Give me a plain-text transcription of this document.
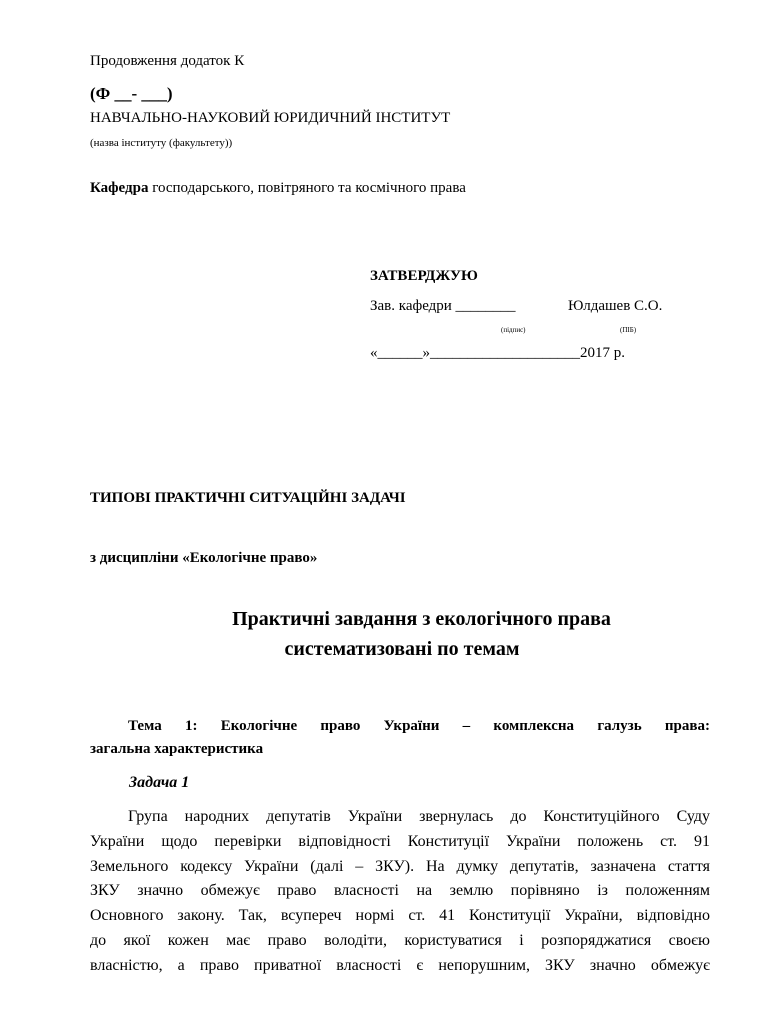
Продовження додаток К
(Ф __- ___)
НАВЧАЛЬНО-НАУКОВИЙ ЮРИДИЧНИЙ ІНСТИТУТ
(назва інституту (факультету))
Кафедра господарського, повітряного та космічного права
ЗАТВЕРДЖУЮ
Зав. кафедри ________	Юлдашев С.О.
(підпис)	(ПІБ)
«______»____________________2017 р.
ТИПОВІ ПРАКТИЧНІ СИТУАЦІЙНІ ЗАДАЧІ
з дисципліни «Екологічне право»
Практичні завдання з екологічного права
систематизовані по темам
Тема 1: Екологічне право України – комплексна галузь права:
загальна характеристика
Задача 1
Група народних депутатів України звернулась до Конституційного Суду
України щодо перевірки відповідності Конституції України положень ст. 91
Земельного кодексу України (далі – ЗКУ). На думку депутатів, зазначена стаття
ЗКУ значно обмежує право власності на землю порівняно із положенням
Основного закону. Так, всупереч нормі ст. 41 Конституції України, відповідно
до якої кожен має право володіти, користуватися і розпоряджатися своєю
власністю, а право приватної власності є непорушним, ЗКУ значно обмежує
